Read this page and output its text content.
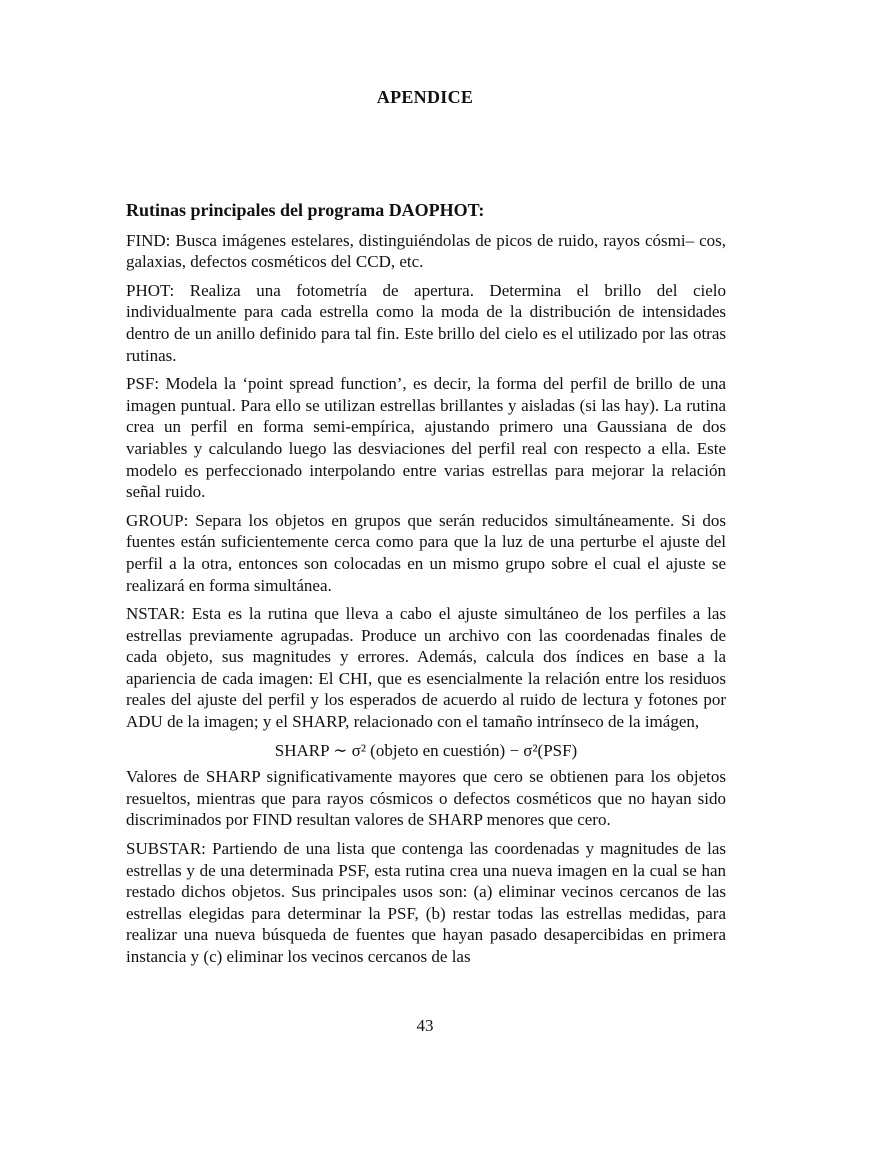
APENDICE
Rutinas principales del programa DAOPHOT:

FIND: Busca imágenes estelares, distinguiéndolas de picos de ruido, rayos cósmi– cos, galaxias, defectos cosméticos del CCD, etc.

PHOT: Realiza una fotometría de apertura. Determina el brillo del cielo individualmente para cada estrella como la moda de la distribución de intensidades dentro de un anillo definido para tal fin. Este brillo del cielo es el utilizado por las otras rutinas.

PSF: Modela la ‘point spread function’, es decir, la forma del perfil de brillo de una imagen puntual. Para ello se utilizan estrellas brillantes y aisladas (si las hay). La rutina crea un perfil en forma semi-empírica, ajustando primero una Gaussiana de dos variables y calculando luego las desviaciones del perfil real con respecto a ella. Este modelo es perfeccionado interpolando entre varias estrellas para mejorar la relación señal ruido.

GROUP: Separa los objetos en grupos que serán reducidos simultáneamente. Si dos fuentes están suficientemente cerca como para que la luz de una perturbe el ajuste del perfil a la otra, entonces son colocadas en un mismo grupo sobre el cual el ajuste se realizará en forma simultánea.

NSTAR: Esta es la rutina que lleva a cabo el ajuste simultáneo de los perfiles a las estrellas previamente agrupadas. Produce un archivo con las coordenadas finales de cada objeto, sus magnitudes y errores. Además, calcula dos índices en base a la apariencia de cada imagen: El CHI, que es esencialmente la relación entre los residuos reales del ajuste del perfil y los esperados de acuerdo al ruido de lectura y fotones por ADU de la imagen; y el SHARP, relacionado con el tamaño intrínseco de la imágen,

SHARP ∼ σ² (objeto en cuestión) − σ²(PSF)

Valores de SHARP significativamente mayores que cero se obtienen para los objetos resueltos, mientras que para rayos cósmicos o defectos cosméticos que no hayan sido discriminados por FIND resultan valores de SHARP menores que cero.

SUBSTAR: Partiendo de una lista que contenga las coordenadas y magnitudes de las estrellas y de una determinada PSF, esta rutina crea una nueva imagen en la cual se han restado dichos objetos. Sus principales usos son: (a) eliminar vecinos cercanos de las estrellas elegidas para determinar la PSF, (b) restar todas las estrellas medidas, para realizar una nueva búsqueda de fuentes que hayan pasado desapercibidas en primera instancia y (c) eliminar los vecinos cercanos de las

43
